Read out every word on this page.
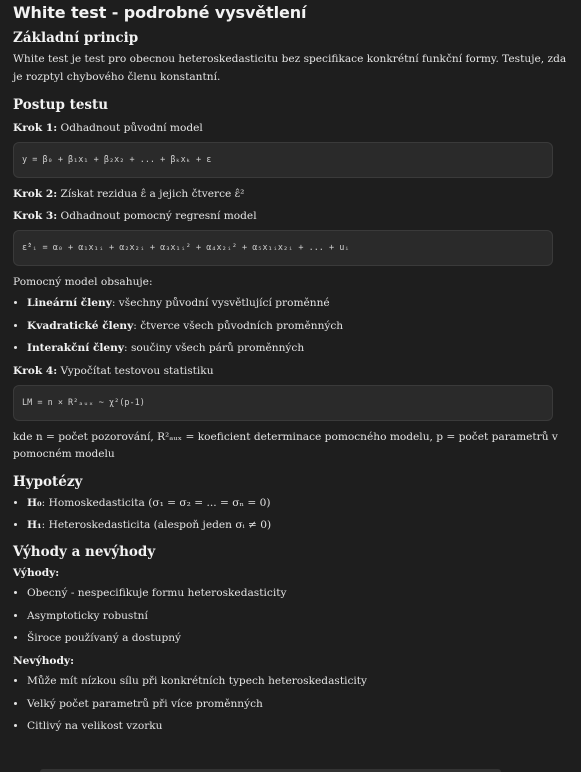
White test - podrobné vysvětlení
Základní princip

White test je test pro obecnou heteroskedasticitu bez specifikace konkrétní funkční formy. Testuje, zda je rozptyl chybového členu konstantní.

Postup testu

Krok 1: Odhadnout původní model

y = β₀ + β₁x₁ + β₂x₂ + ... + βₖxₖ + ε

Krok 2: Získat rezidua ε̂ a jejich čtverce ε̂²

Krok 3: Odhadnout pomocný regresní model

ε̂²ᵢ = α₀ + α₁x₁ᵢ + α₂x₂ᵢ + α₃x₁ᵢ² + α₄x₂ᵢ² + α₅x₁ᵢx₂ᵢ + ... + uᵢ

Pomocný model obsahuje:

• Lineární členy: všechny původní vysvětlující proměnné
• Kvadratické členy: čtverce všech původních proměnných
• Interakční členy: součiny všech párů proměnných

Krok 4: Vypočítat testovou statistiku

LM = n × R²ₐᵤₓ ~ χ²(p-1)

kde n = počet pozorování, R²ₐᵤₓ = koeficient determinace pomocného modelu, p = počet parametrů v pomocném modelu

Hypotézy
• H₀: Homoskedasticita (σ₁ = σ₂ = ... = σₙ = 0)
• H₁: Heteroskedasticita (alespoň jeden σᵢ ≠ 0)
Výhody a nevýhody

Výhody:

• Obecný - nespecifikuje formu heteroskedasticity
• Asymptoticky robustní
• Široce používaný a dostupný

Nevýhody:

• Může mít nízkou sílu při konkrétních typech heteroskedasticity
• Velký počet parametrů při více proměnných
• Citlivý na velikost vzorku
